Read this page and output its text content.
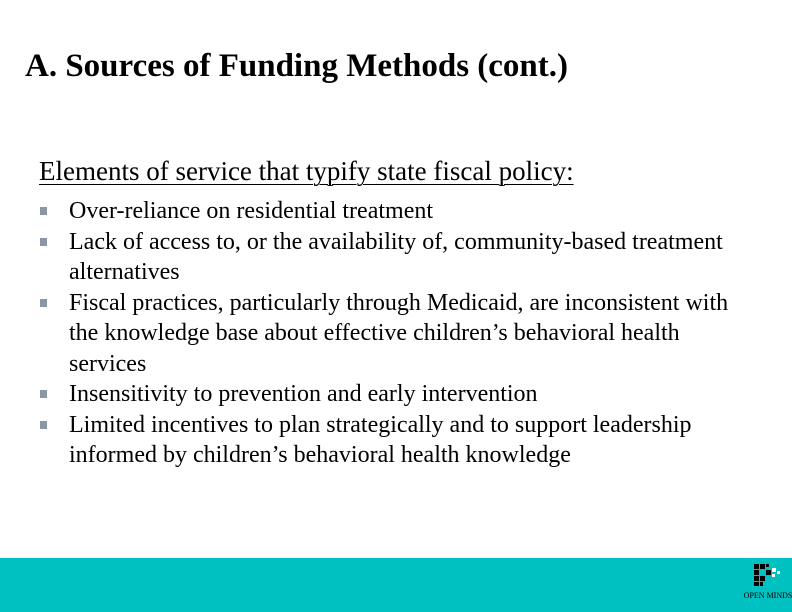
A. Sources of Funding Methods (cont.)
Elements of service that typify state fiscal policy:
Over-reliance on residential treatment
Lack of access to, or the availability of, community-based treatment alternatives
Fiscal practices, particularly through Medicaid, are inconsistent with the knowledge base about effective children’s behavioral health services
Insensitivity to prevention and early intervention
Limited incentives to plan strategically and to support leadership informed by children’s behavioral health knowledge
OPEN MINDS
